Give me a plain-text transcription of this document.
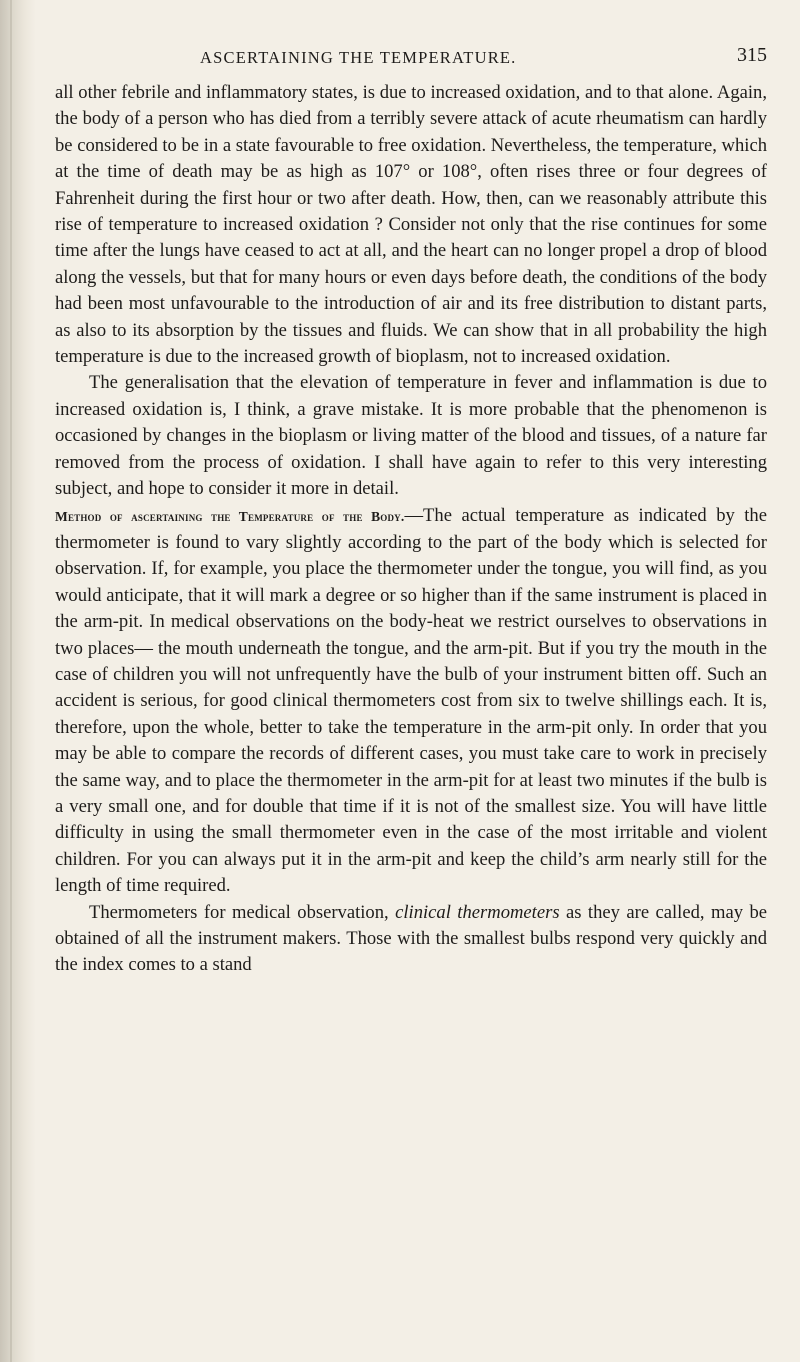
ASCERTAINING THE TEMPERATURE.	315

all other febrile and inflammatory states, is due to increased oxidation, and to that alone. Again, the body of a person who has died from a terribly severe attack of acute rheumatism can hardly be considered to be in a state favourable to free oxidation. Nevertheless, the temperature, which at the time of death may be as high as 107° or 108°, often rises three or four degrees of Fahrenheit during the first hour or two after death. How, then, can we reasonably attribute this rise of temperature to increased oxidation ? Consider not only that the rise continues for some time after the lungs have ceased to act at all, and the heart can no longer propel a drop of blood along the vessels, but that for many hours or even days before death, the conditions of the body had been most unfavourable to the introduction of air and its free distribution to distant parts, as also to its absorption by the tissues and fluids. We can show that in all probability the high temperature is due to the increased growth of bioplasm, not to increased oxidation.

The generalisation that the elevation of temperature in fever and inflammation is due to increased oxidation is, I think, a grave mistake. It is more probable that the phenomenon is occasioned by changes in the bioplasm or living matter of the blood and tissues, of a nature far removed from the process of oxidation. I shall have again to refer to this very interesting subject, and hope to consider it more in detail.

Method of ascertaining the Temperature of the Body.—The actual temperature as indicated by the thermometer is found to vary slightly according to the part of the body which is selected for observation. If, for example, you place the thermometer under the tongue, you will find, as you would anticipate, that it will mark a degree or so higher than if the same instrument is placed in the arm-pit. In medical observations on the body-heat we restrict ourselves to observations in two places— the mouth underneath the tongue, and the arm-pit. But if you try the mouth in the case of children you will not unfrequently have the bulb of your instrument bitten off. Such an accident is serious, for good clinical thermometers cost from six to twelve shillings each. It is, therefore, upon the whole, better to take the temperature in the arm-pit only. In order that you may be able to compare the records of different cases, you must take care to work in precisely the same way, and to place the thermometer in the arm-pit for at least two minutes if the bulb is a very small one, and for double that time if it is not of the smallest size. You will have little difficulty in using the small thermometer even in the case of the most irritable and violent children. For you can always put it in the arm-pit and keep the child’s arm nearly still for the length of time required.

Thermometers for medical observation, clinical thermometers as they are called, may be obtained of all the instrument makers. Those with the smallest bulbs respond very quickly and the index comes to a stand
